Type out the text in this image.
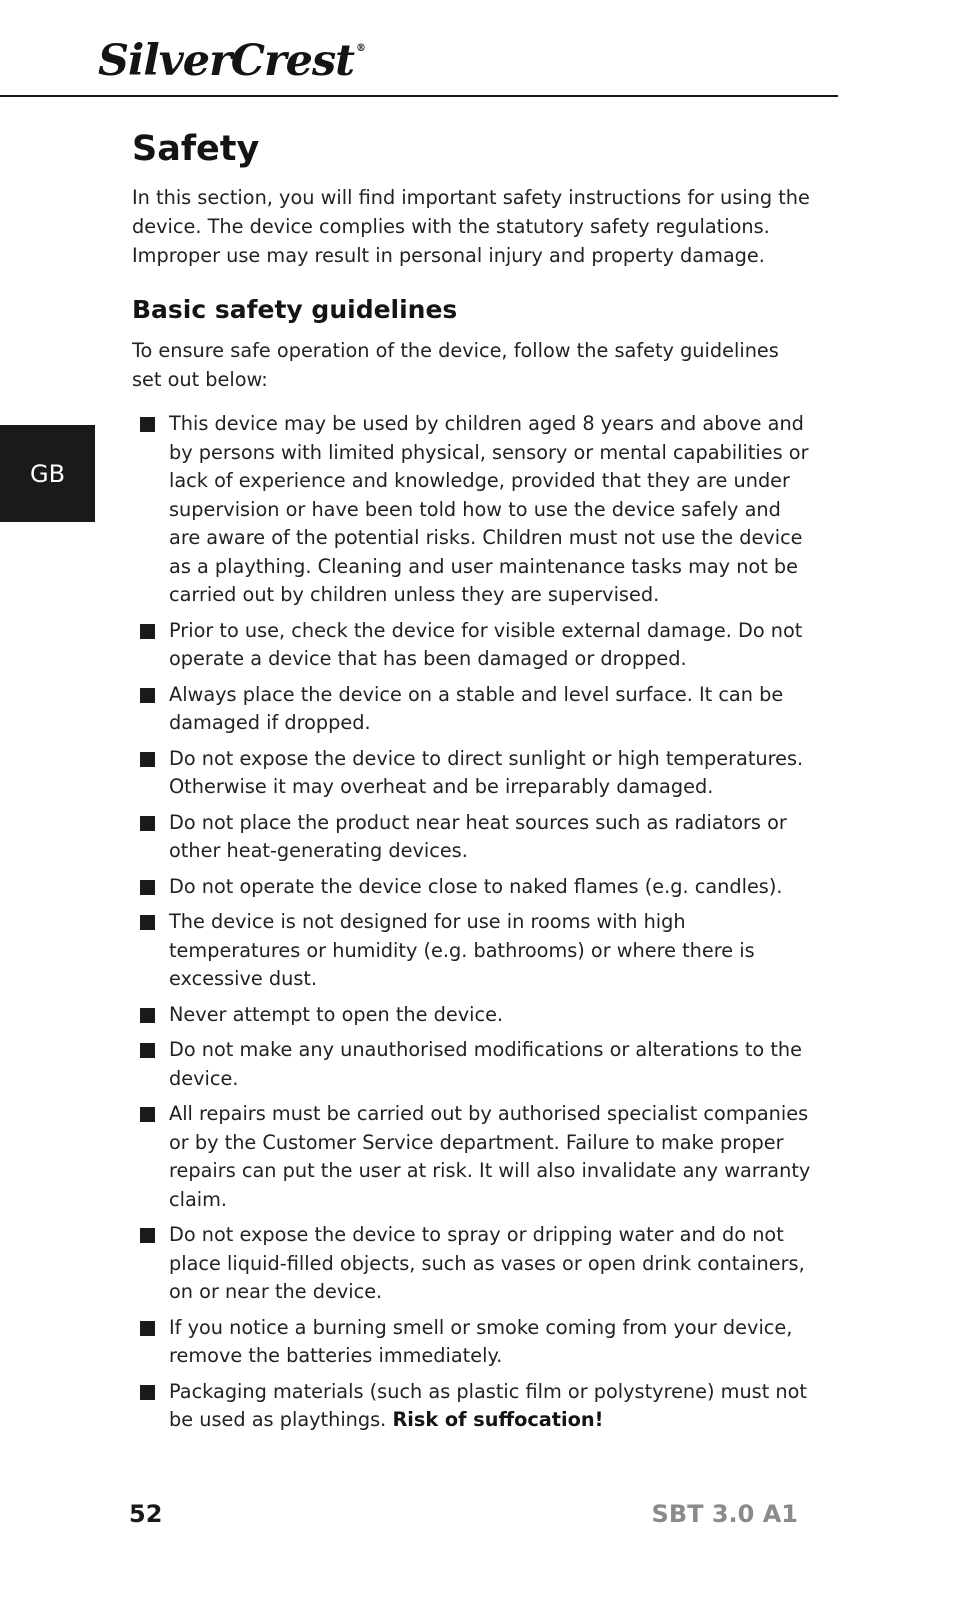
SilverCrest ®
GB
Safety

In this section, you will find important safety instructions for using the device. The device complies with the statutory safety regulations. Improper use may result in personal injury and property damage.

Basic safety guidelines

To ensure safe operation of the device, follow the safety guidelines set out below:

This device may be used by children aged 8 years and above and by persons with limited physical, sensory or mental capabilities or lack of experience and knowledge, provided that they are under supervision or have been told how to use the device safely and are aware of the potential risks. Children must not use the device as a plaything. Cleaning and user maintenance tasks may not be carried out by children unless they are supervised.
Prior to use, check the device for visible external damage. Do not operate a device that has been damaged or dropped.
Always place the device on a stable and level surface. It can be damaged if dropped.
Do not expose the device to direct sunlight or high temperatures. Otherwise it may overheat and be irreparably damaged.
Do not place the product near heat sources such as radiators or other heat-generating devices.
Do not operate the device close to naked flames (e.g. candles).
The device is not designed for use in rooms with high temperatures or humidity (e.g. bathrooms) or where there is excessive dust.
Never attempt to open the device.
Do not make any unauthorised modifications or alterations to the device.
All repairs must be carried out by authorised specialist companies or by the Customer Service department. Failure to make proper repairs can put the user at risk. It will also invalidate any warranty claim.
Do not expose the device to spray or dripping water and do not place liquid-filled objects, such as vases or open drink containers, on or near the device.
If you notice a burning smell or smoke coming from your device, remove the batteries immediately.
Packaging materials (such as plastic film or polystyrene) must not be used as playthings. Risk of suffocation!
52	SBT 3.0 A1
